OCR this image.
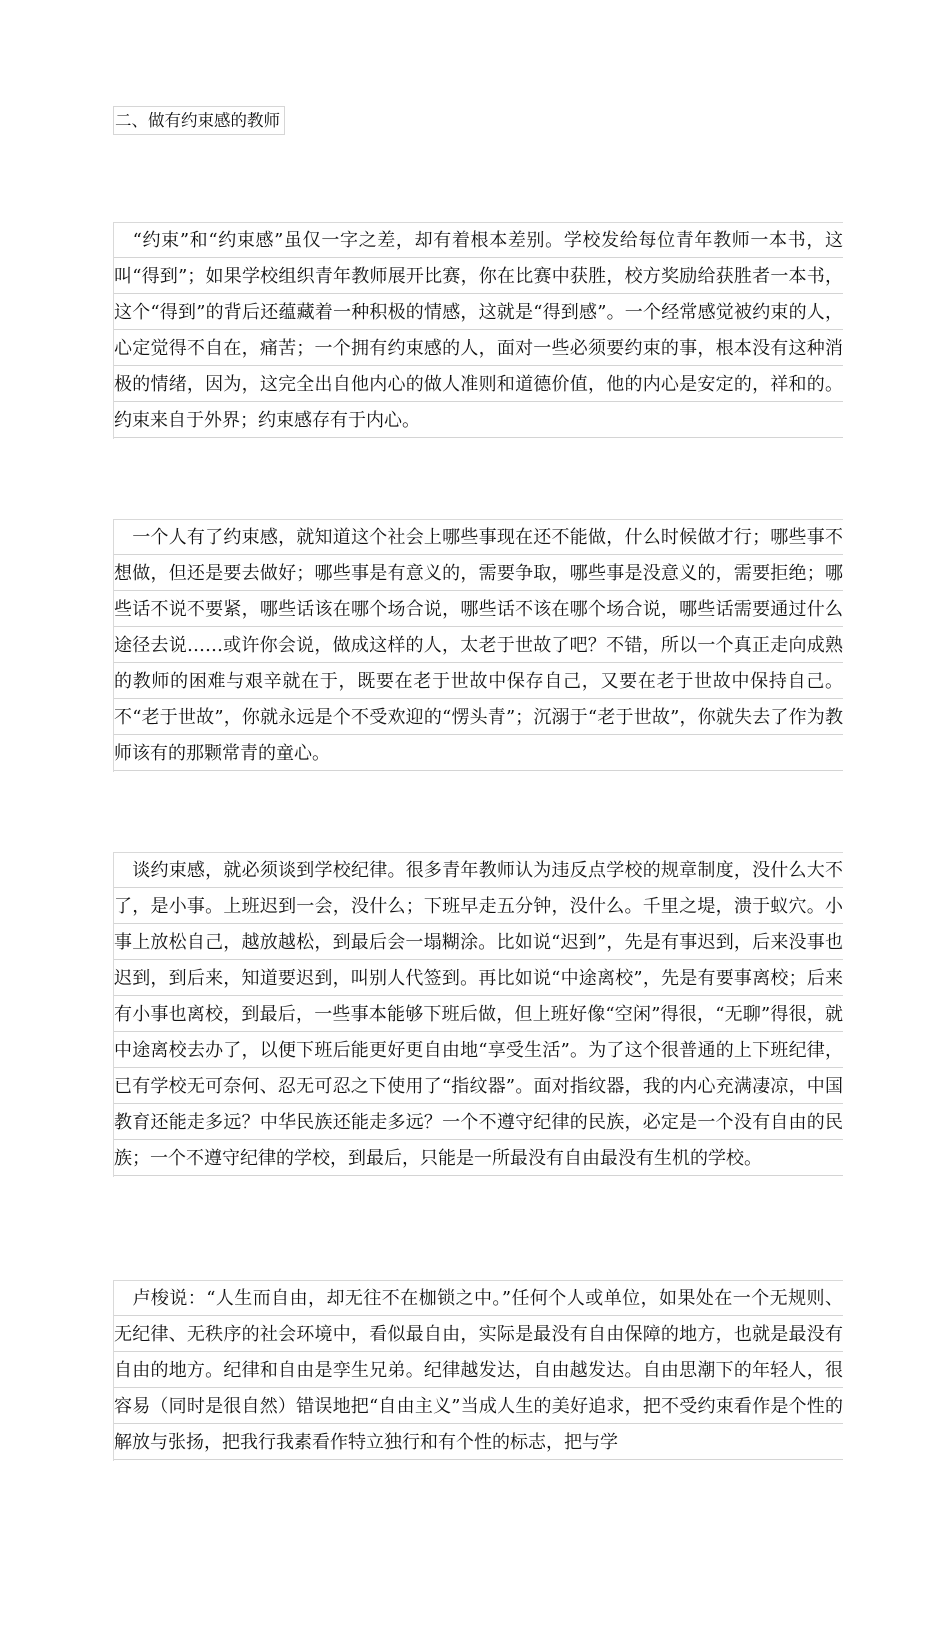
二、做有约束感的教师

　“约束”和“约束感”虽仅一字之差，却有着根本差别。学校发给每位青年教师一本书，这叫“得到”；如果学校组织青年教师展开比赛，你在比赛中获胜，校方奖励给获胜者一本书，这个“得到”的背后还蕴藏着一种积极的情感，这就是“得到感”。一个经常感觉被约束的人，心定觉得不自在，痛苦；一个拥有约束感的人，面对一些必须要约束的事，根本没有这种消极的情绪，因为，这完全出自他内心的做人准则和道德价值，他的内心是安定的，祥和的。约束来自于外界；约束感存有于内心。

　一个人有了约束感，就知道这个社会上哪些事现在还不能做，什么时候做才行；哪些事不想做，但还是要去做好；哪些事是有意义的，需要争取，哪些事是没意义的，需要拒绝；哪些话不说不要紧，哪些话该在哪个场合说，哪些话不该在哪个场合说，哪些话需要通过什么途径去说……或许你会说，做成这样的人，太老于世故了吧？不错，所以一个真正走向成熟的教师的困难与艰辛就在于，既要在老于世故中保存自己，又要在老于世故中保持自己。不“老于世故”，你就永远是个不受欢迎的“愣头青”；沉溺于“老于世故”，你就失去了作为教师该有的那颗常青的童心。

　谈约束感，就必须谈到学校纪律。很多青年教师认为违反点学校的规章制度，没什么大不了，是小事。上班迟到一会，没什么；下班早走五分钟，没什么。千里之堤，溃于蚁穴。小事上放松自己，越放越松，到最后会一塌糊涂。比如说“迟到”，先是有事迟到，后来没事也迟到，到后来，知道要迟到，叫别人代签到。再比如说“中途离校”，先是有要事离校；后来有小事也离校，到最后，一些事本能够下班后做，但上班好像“空闲”得很，“无聊”得很，就中途离校去办了，以便下班后能更好更自由地“享受生活”。为了这个很普通的上下班纪律，已有学校无可奈何、忍无可忍之下使用了“指纹器”。面对指纹器，我的内心充满凄凉，中国教育还能走多远？中华民族还能走多远？一个不遵守纪律的民族，必定是一个没有自由的民族；一个不遵守纪律的学校，到最后，只能是一所最没有自由最没有生机的学校。

　卢梭说：“人生而自由，却无往不在枷锁之中。”任何个人或单位，如果处在一个无规则、无纪律、无秩序的社会环境中，看似最自由，实际是最没有自由保障的地方，也就是最没有自由的地方。纪律和自由是孪生兄弟。纪律越发达，自由越发达。自由思潮下的年轻人，很容易（同时是很自然）错误地把“自由主义”当成人生的美好追求，把不受约束看作是个性的解放与张扬，把我行我素看作特立独行和有个性的标志，把与学
